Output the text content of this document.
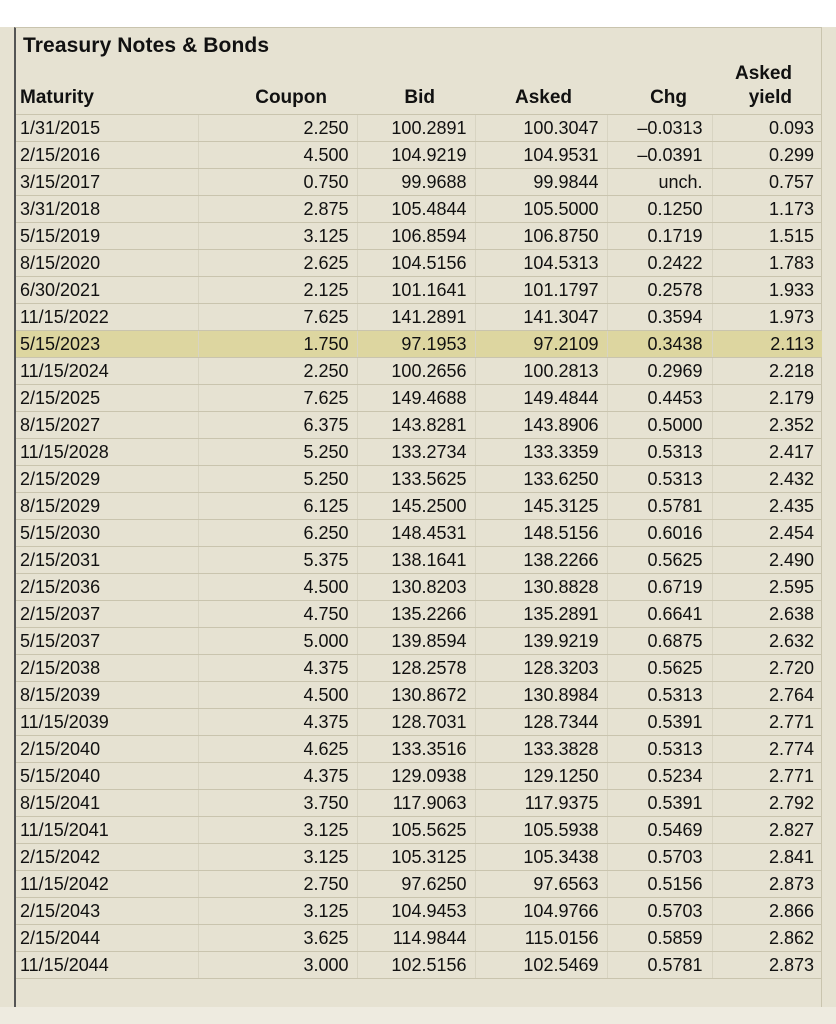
Treasury Notes & Bonds
Maturity	Coupon	Bid	Asked	Chg	Asked
yield
1/31/2015	2.250	100.2891	100.3047	–0.0313	0.093
2/15/2016	4.500	104.9219	104.9531	–0.0391	0.299
3/15/2017	0.750	99.9688	99.9844	unch.	0.757
3/31/2018	2.875	105.4844	105.5000	0.1250	1.173
5/15/2019	3.125	106.8594	106.8750	0.1719	1.515
8/15/2020	2.625	104.5156	104.5313	0.2422	1.783
6/30/2021	2.125	101.1641	101.1797	0.2578	1.933
11/15/2022	7.625	141.2891	141.3047	0.3594	1.973
5/15/2023	1.750	97.1953	97.2109	0.3438	2.113
11/15/2024	2.250	100.2656	100.2813	0.2969	2.218
2/15/2025	7.625	149.4688	149.4844	0.4453	2.179
8/15/2027	6.375	143.8281	143.8906	0.5000	2.352
11/15/2028	5.250	133.2734	133.3359	0.5313	2.417
2/15/2029	5.250	133.5625	133.6250	0.5313	2.432
8/15/2029	6.125	145.2500	145.3125	0.5781	2.435
5/15/2030	6.250	148.4531	148.5156	0.6016	2.454
2/15/2031	5.375	138.1641	138.2266	0.5625	2.490
2/15/2036	4.500	130.8203	130.8828	0.6719	2.595
2/15/2037	4.750	135.2266	135.2891	0.6641	2.638
5/15/2037	5.000	139.8594	139.9219	0.6875	2.632
2/15/2038	4.375	128.2578	128.3203	0.5625	2.720
8/15/2039	4.500	130.8672	130.8984	0.5313	2.764
11/15/2039	4.375	128.7031	128.7344	0.5391	2.771
2/15/2040	4.625	133.3516	133.3828	0.5313	2.774
5/15/2040	4.375	129.0938	129.1250	0.5234	2.771
8/15/2041	3.750	117.9063	117.9375	0.5391	2.792
11/15/2041	3.125	105.5625	105.5938	0.5469	2.827
2/15/2042	3.125	105.3125	105.3438	0.5703	2.841
11/15/2042	2.750	97.6250	97.6563	0.5156	2.873
2/15/2043	3.125	104.9453	104.9766	0.5703	2.866
2/15/2044	3.625	114.9844	115.0156	0.5859	2.862
11/15/2044	3.000	102.5156	102.5469	0.5781	2.873
